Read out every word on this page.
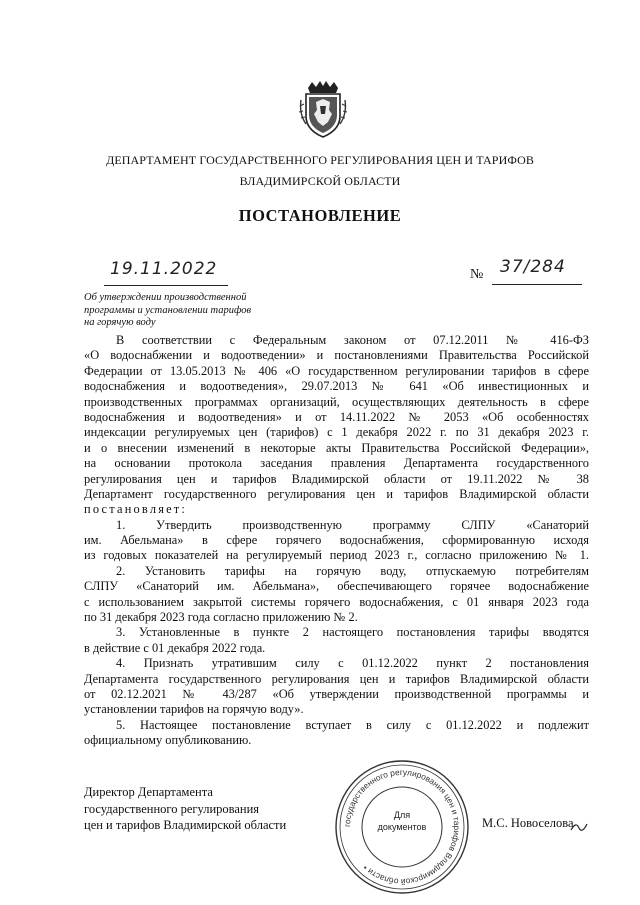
ДЕПАРТАМЕНТ ГОСУДАРСТВЕННОГО РЕГУЛИРОВАНИЯ ЦЕН И ТАРИФОВ
ВЛАДИМИРСКОЙ ОБЛАСТИ
ПОСТАНОВЛЕНИЕ
19.11.2022	№ 37/284
Об утверждении производственной
программы и установлении тарифов
на горячую воду
В соответствии с Федеральным законом от 07.12.2011 № 416-ФЗ
«О водоснабжении и водоотведении» и постановлениями Правительства Российской
Федерации от 13.05.2013 № 406 «О государственном регулировании тарифов в сфере
водоснабжения и водоотведения», 29.07.2013 № 641 «Об инвестиционных и
производственных программах организаций, осуществляющих деятельность в сфере
водоснабжения и водоотведения» и от 14.11.2022 № 2053 «Об особенностях
индексации регулируемых цен (тарифов) с 1 декабря 2022 г. по 31 декабря 2023 г.
и о внесении изменений в некоторые акты Правительства Российской Федерации»,
на основании протокола заседания правления Департамента государственного
регулирования цен и тарифов Владимирской области от 19.11.2022 № 38
Департамент государственного регулирования цен и тарифов Владимирской области
постановляет:
1. Утвердить производственную программу СЛПУ «Санаторий
им. Абельмана» в сфере горячего водоснабжения, сформированную исходя
из годовых показателей на регулируемый период 2023 г., согласно приложению № 1.
2. Установить тарифы на горячую воду, отпускаемую потребителям
СЛПУ «Санаторий им. Абельмана», обеспечивающего горячее водоснабжение
с использованием закрытой системы горячего водоснабжения, с 01 января 2023 года
по 31 декабря 2023 года согласно приложению № 2.
3. Установленные в пункте 2 настоящего постановления тарифы вводятся
в действие с 01 декабря 2022 года.
4. Признать утратившим силу с 01.12.2022 пункт 2 постановления
Департамента государственного регулирования цен и тарифов Владимирской области
от 02.12.2021 № 43/287 «Об утверждении производственной программы и
установлении тарифов на горячую воду».
5. Настоящее постановление вступает в силу с 01.12.2022 и подлежит
официальному опубликованию.
Директор Департамента
государственного регулирования
цен и тарифов Владимирской области	М.С. Новоселова
государственного регулирования цен и тарифов Владимирской области •
Для
документов
